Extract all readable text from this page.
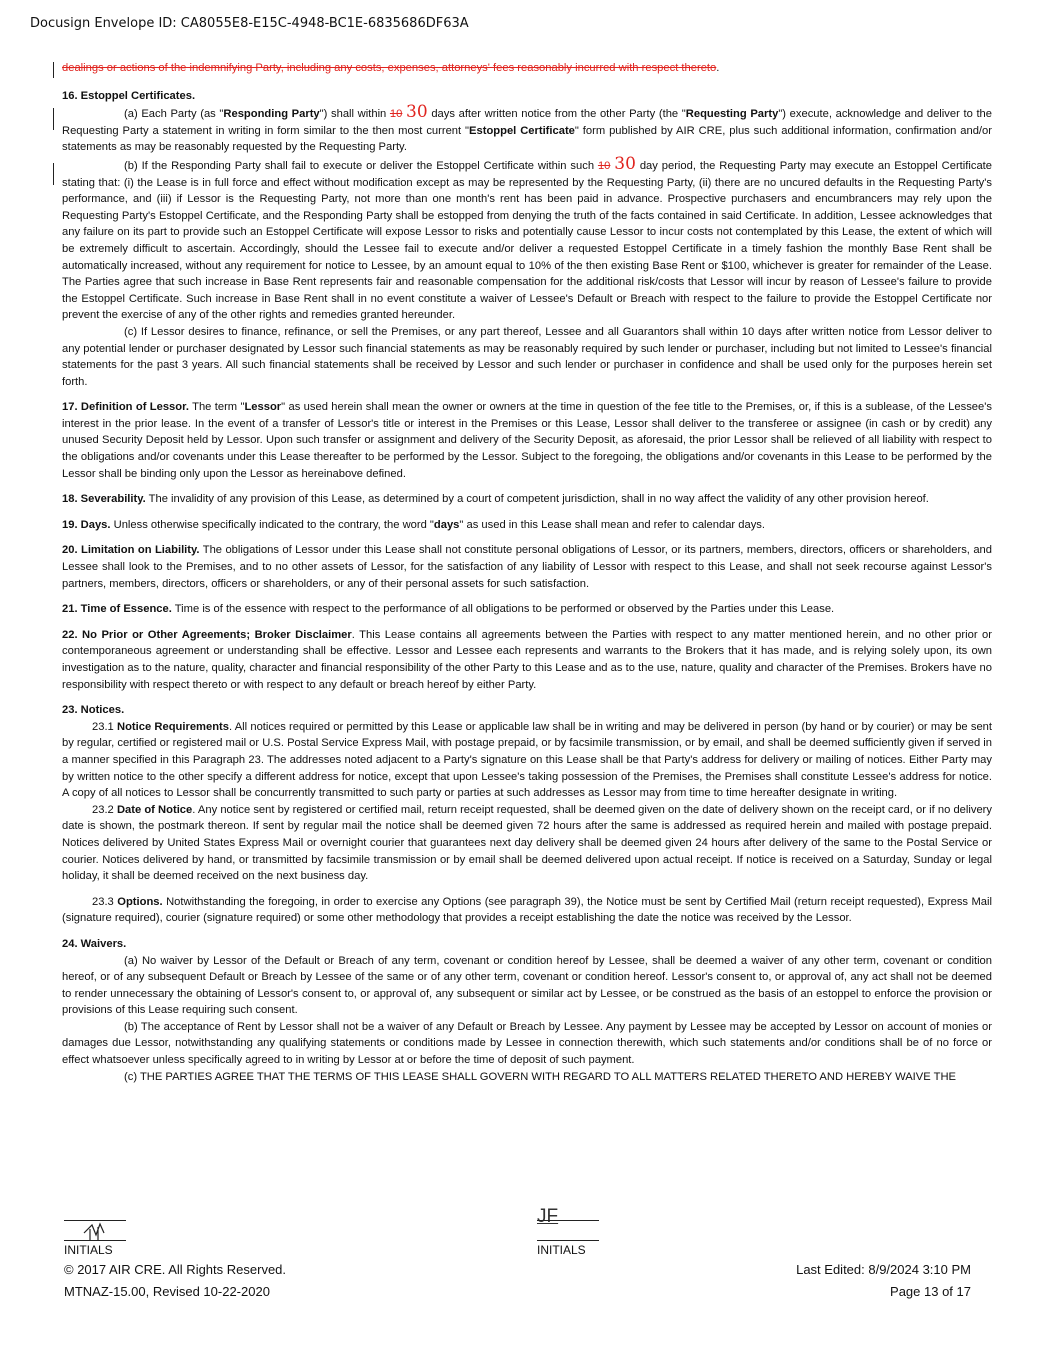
Docusign Envelope ID: CA8055E8-E15C-4948-BC1E-6835686DF63A

dealings or actions of the indemnifying Party, including any costs, expenses, attorneys' fees reasonably incurred with respect thereto.

16. Estoppel Certificates.

(a) Each Party (as "Responding Party") shall within 10 30 days after written notice from the other Party (the "Requesting Party") execute, acknowledge and deliver to the Requesting Party a statement in writing in form similar to the then most current "Estoppel Certificate" form published by AIR CRE, plus such additional information, confirmation and/or statements as may be reasonably requested by the Requesting Party.

(b) If the Responding Party shall fail to execute or deliver the Estoppel Certificate within such 10 30 day period, the Requesting Party may execute an Estoppel Certificate stating that: (i) the Lease is in full force and effect without modification except as may be represented by the Requesting Party, (ii) there are no uncured defaults in the Requesting Party's performance, and (iii) if Lessor is the Requesting Party, not more than one month's rent has been paid in advance. Prospective purchasers and encumbrancers may rely upon the Requesting Party's Estoppel Certificate, and the Responding Party shall be estopped from denying the truth of the facts contained in said Certificate. In addition, Lessee acknowledges that any failure on its part to provide such an Estoppel Certificate will expose Lessor to risks and potentially cause Lessor to incur costs not contemplated by this Lease, the extent of which will be extremely difficult to ascertain. Accordingly, should the Lessee fail to execute and/or deliver a requested Estoppel Certificate in a timely fashion the monthly Base Rent shall be automatically increased, without any requirement for notice to Lessee, by an amount equal to 10% of the then existing Base Rent or $100, whichever is greater for remainder of the Lease. The Parties agree that such increase in Base Rent represents fair and reasonable compensation for the additional risk/costs that Lessor will incur by reason of Lessee's failure to provide the Estoppel Certificate. Such increase in Base Rent shall in no event constitute a waiver of Lessee's Default or Breach with respect to the failure to provide the Estoppel Certificate nor prevent the exercise of any of the other rights and remedies granted hereunder.

(c) If Lessor desires to finance, refinance, or sell the Premises, or any part thereof, Lessee and all Guarantors shall within 10 days after written notice from Lessor deliver to any potential lender or purchaser designated by Lessor such financial statements as may be reasonably required by such lender or purchaser, including but not limited to Lessee's financial statements for the past 3 years. All such financial statements shall be received by Lessor and such lender or purchaser in confidence and shall be used only for the purposes herein set forth.

17. Definition of Lessor. The term "Lessor" as used herein shall mean the owner or owners at the time in question of the fee title to the Premises, or, if this is a sublease, of the Lessee's interest in the prior lease. In the event of a transfer of Lessor's title or interest in the Premises or this Lease, Lessor shall deliver to the transferee or assignee (in cash or by credit) any unused Security Deposit held by Lessor. Upon such transfer or assignment and delivery of the Security Deposit, as aforesaid, the prior Lessor shall be relieved of all liability with respect to the obligations and/or covenants under this Lease thereafter to be performed by the Lessor. Subject to the foregoing, the obligations and/or covenants in this Lease to be performed by the Lessor shall be binding only upon the Lessor as hereinabove defined.

18. Severability. The invalidity of any provision of this Lease, as determined by a court of competent jurisdiction, shall in no way affect the validity of any other provision hereof.

19. Days. Unless otherwise specifically indicated to the contrary, the word "days" as used in this Lease shall mean and refer to calendar days.

20. Limitation on Liability. The obligations of Lessor under this Lease shall not constitute personal obligations of Lessor, or its partners, members, directors, officers or shareholders, and Lessee shall look to the Premises, and to no other assets of Lessor, for the satisfaction of any liability of Lessor with respect to this Lease, and shall not seek recourse against Lessor's partners, members, directors, officers or shareholders, or any of their personal assets for such satisfaction.

21. Time of Essence. Time is of the essence with respect to the performance of all obligations to be performed or observed by the Parties under this Lease.

22. No Prior or Other Agreements; Broker Disclaimer. This Lease contains all agreements between the Parties with respect to any matter mentioned herein, and no other prior or contemporaneous agreement or understanding shall be effective. Lessor and Lessee each represents and warrants to the Brokers that it has made, and is relying solely upon, its own investigation as to the nature, quality, character and financial responsibility of the other Party to this Lease and as to the use, nature, quality and character of the Premises. Brokers have no responsibility with respect thereto or with respect to any default or breach hereof by either Party.

23. Notices.

23.1 Notice Requirements. All notices required or permitted by this Lease or applicable law shall be in writing and may be delivered in person (by hand or by courier) or may be sent by regular, certified or registered mail or U.S. Postal Service Express Mail, with postage prepaid, or by facsimile transmission, or by email, and shall be deemed sufficiently given if served in a manner specified in this Paragraph 23. The addresses noted adjacent to a Party's signature on this Lease shall be that Party's address for delivery or mailing of notices. Either Party may by written notice to the other specify a different address for notice, except that upon Lessee's taking possession of the Premises, the Premises shall constitute Lessee's address for notice. A copy of all notices to Lessor shall be concurrently transmitted to such party or parties at such addresses as Lessor may from time to time hereafter designate in writing.

23.2 Date of Notice. Any notice sent by registered or certified mail, return receipt requested, shall be deemed given on the date of delivery shown on the receipt card, or if no delivery date is shown, the postmark thereon. If sent by regular mail the notice shall be deemed given 72 hours after the same is addressed as required herein and mailed with postage prepaid. Notices delivered by United States Express Mail or overnight courier that guarantees next day delivery shall be deemed given 24 hours after delivery of the same to the Postal Service or courier. Notices delivered by hand, or transmitted by facsimile transmission or by email shall be deemed delivered upon actual receipt. If notice is received on a Saturday, Sunday or legal holiday, it shall be deemed received on the next business day.

23.3 Options. Notwithstanding the foregoing, in order to exercise any Options (see paragraph 39), the Notice must be sent by Certified Mail (return receipt requested), Express Mail (signature required), courier (signature required) or some other methodology that provides a receipt establishing the date the notice was received by the Lessor.

24. Waivers.

(a) No waiver by Lessor of the Default or Breach of any term, covenant or condition hereof by Lessee, shall be deemed a waiver of any other term, covenant or condition hereof, or of any subsequent Default or Breach by Lessee of the same or of any other term, covenant or condition hereof. Lessor's consent to, or approval of, any act shall not be deemed to render unnecessary the obtaining of Lessor's consent to, or approval of, any subsequent or similar act by Lessee, or be construed as the basis of an estoppel to enforce the provision or provisions of this Lease requiring such consent.

(b) The acceptance of Rent by Lessor shall not be a waiver of any Default or Breach by Lessee. Any payment by Lessee may be accepted by Lessor on account of monies or damages due Lessor, notwithstanding any qualifying statements or conditions made by Lessee in connection therewith, which such statements and/or conditions shall be of no force or effect whatsoever unless specifically agreed to in writing by Lessor at or before the time of deposit of such payment.

(c) THE PARTIES AGREE THAT THE TERMS OF THIS LEASE SHALL GOVERN WITH REGARD TO ALL MATTERS RELATED THERETO AND HEREBY WAIVE THE

INITIALS
JF
INITIALS
© 2017 AIR CRE. All Rights Reserved.
MTNAZ-15.00, Revised 10-22-2020
Last Edited: 8/9/2024 3:10 PM
Page 13 of 17
